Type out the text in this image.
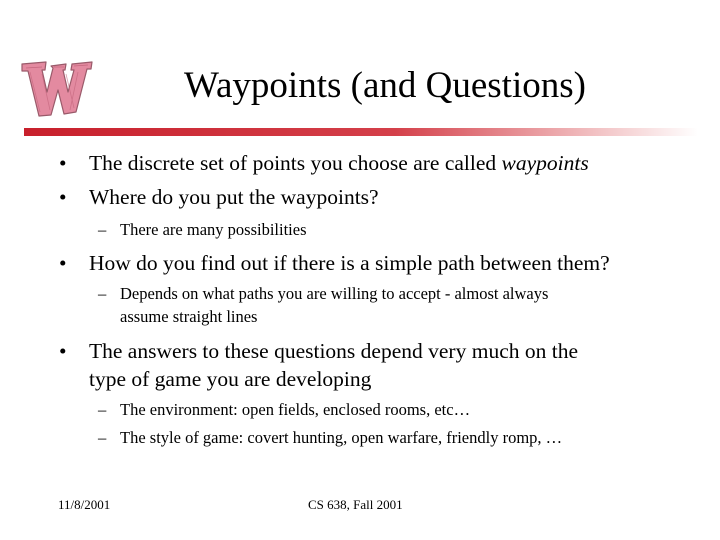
Waypoints (and Questions)
• The discrete set of points you choose are called waypoints
• Where do you put the waypoints?
– There are many possibilities
• How do you find out if there is a simple path between them?
– Depends on what paths you are willing to accept - almost always
assume straight lines
• The answers to these questions depend very much on the
type of game you are developing
– The environment: open fields, enclosed rooms, etc…
– The style of game: covert hunting, open warfare, friendly romp, …
11/8/2001	CS 638, Fall 2001
